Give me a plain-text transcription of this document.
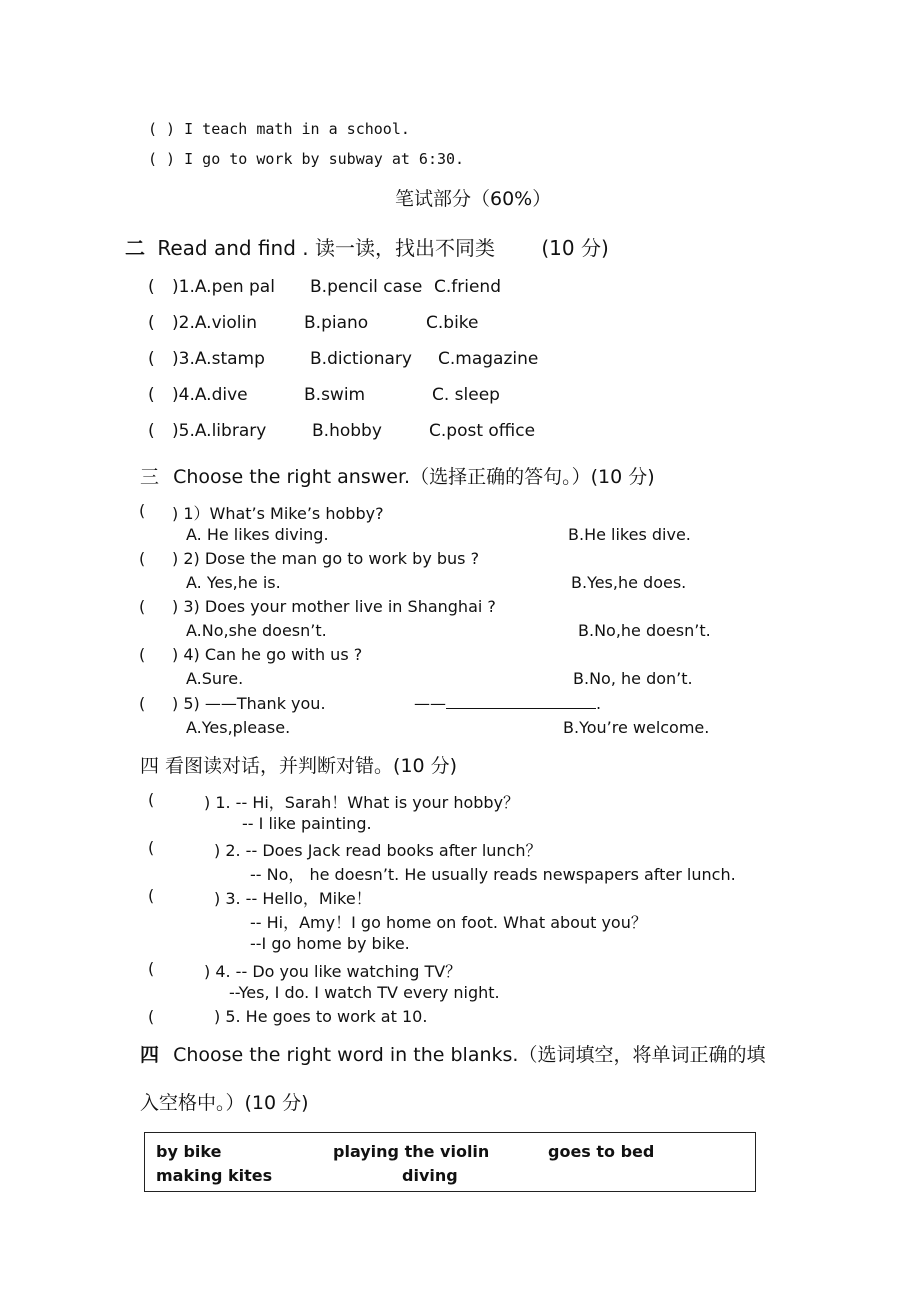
( ) I teach math in a school.
( ) I go to work by subway at 6:30.
笔试部分（60%）
二 Read and find . 读一读，找出不同类 (10 分)
( )1.A.pen pal B.pencil case C.friend
( )2.A.violin	B.piano	C.bike
( )3.A.stamp	B.dictionary C.magazine
( )4.A.dive	B.swim	C. sleep
( )5.A.library	B.hobby	C.post office
三 Choose the right answer.（选择正确的答句。）(10 分)
( ) 1）What’s Mike’s hobby?
A. He likes diving.	B.He likes dive.
( ) 2) Dose the man go to work by bus ?
A. Yes,he is.	B.Yes,he does.
( ) 3) Does your mother live in Shanghai ?
A.No,she doesn’t.	B.No,he doesn’t.
( ) 4) Can he go with us ?
A.Sure.	B.No, he don’t.
( ) 5) ——Thank you.	——	.
A.Yes,please.	B.You’re welcome.
四 看图读对话，并判断对错。(10 分)
(	) 1. -- Hi，Sarah！What is your hobby？
-- I like painting.
(	) 2. -- Does Jack read books after lunch？
-- No， he doesn’t. He usually reads newspapers after lunch.
(	) 3. -- Hello，Mike！
-- Hi，Amy！I go home on foot. What about you？
--I go home by bike.
(	) 4. -- Do you like watching TV？
--Yes, I do. I watch TV every night.
(	) 5. He goes to work at 10.
四 Choose the right word in the blanks.（选词填空，将单词正确的填
入空格中。）(10 分)
by bike	playing the violin	goes to bed
making kites	diving
